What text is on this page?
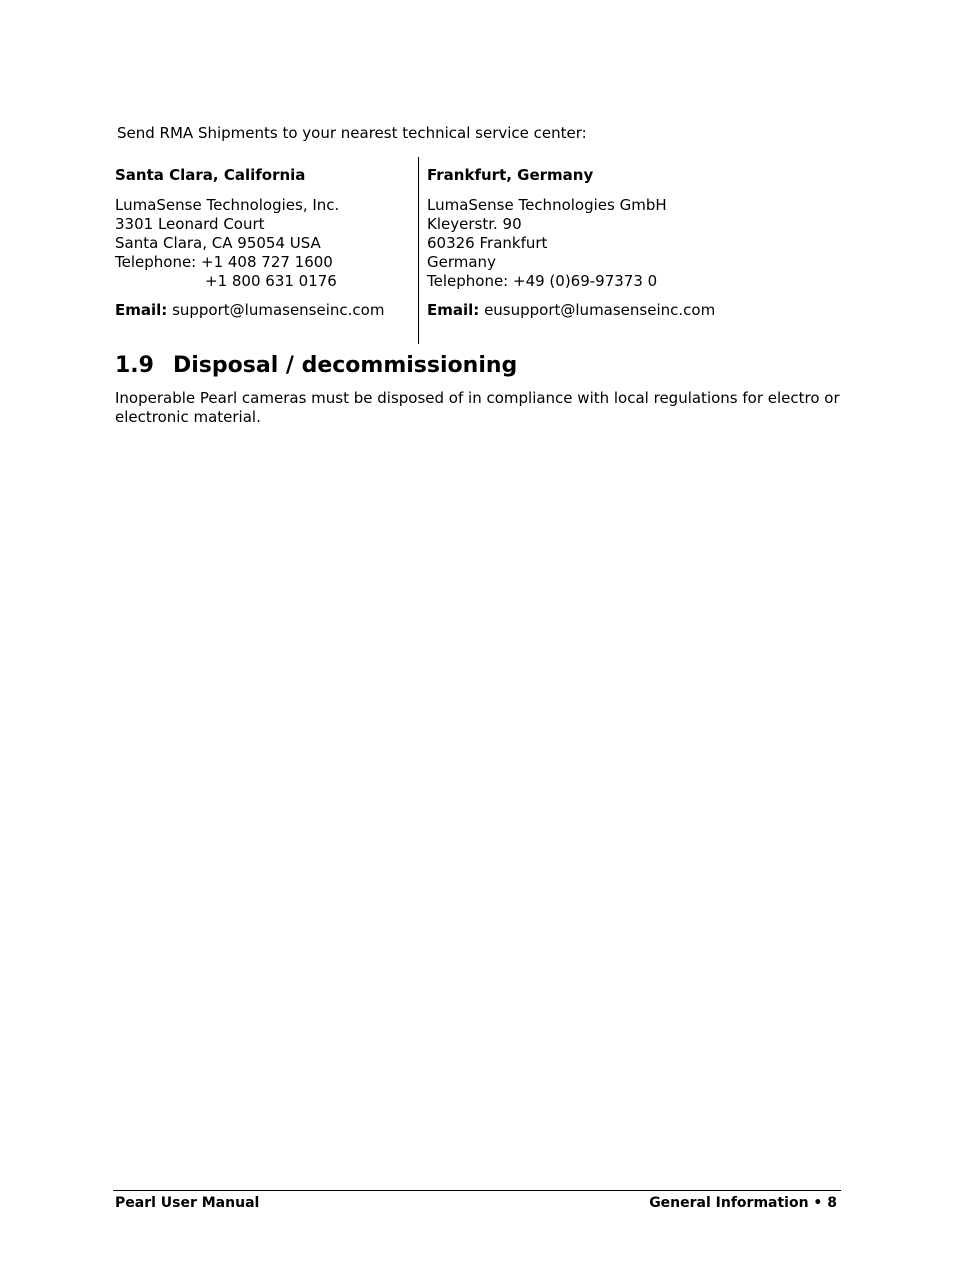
Send RMA Shipments to your nearest technical service center:
Santa Clara, California
LumaSense Technologies, Inc.
3301 Leonard Court
Santa Clara, CA 95054 USA
Telephone: +1 408 727 1600
+1 800 631 0176
Email: support@lumasenseinc.com
Frankfurt, Germany
LumaSense Technologies GmbH
Kleyerstr. 90
60326 Frankfurt
Germany
Telephone: +49 (0)69-97373 0
Email: eusupport@lumasenseinc.com
1.9 Disposal / decommissioning
Inoperable Pearl cameras must be disposed of in compliance with local regulations for electro or electronic material.
Pearl User Manual	General Information • 8
